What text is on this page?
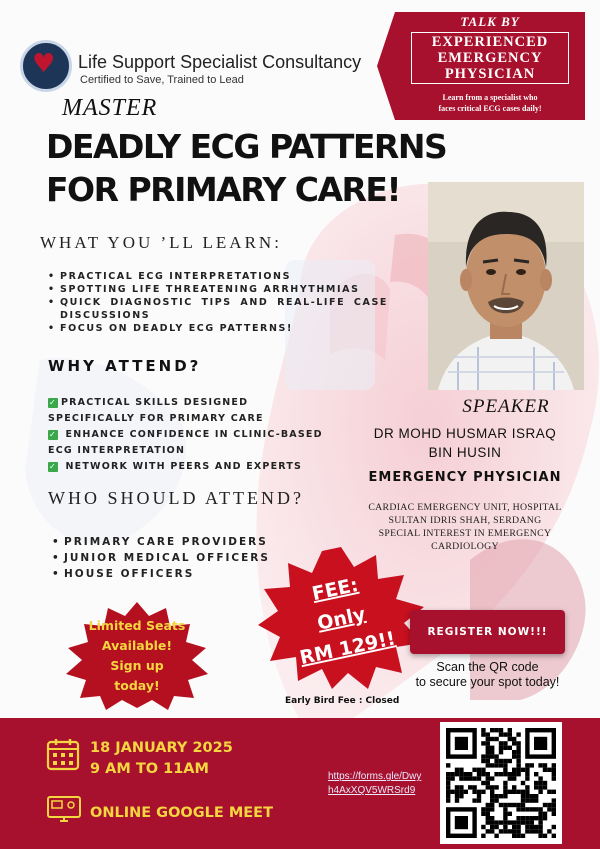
♥ Life Support Specialist Consultancy
Certified to Save, Trained to Lead
TALK BY
EXPERIENCED
EMERGENCY
PHYSICIAN
Learn from a specialist who
faces critical ECG cases daily!
MASTER
DEADLY ECG PATTERNS
FOR PRIMARY CARE!
WHAT YOU ’LL LEARN:
• PRACTICAL ECG INTERPRETATIONS
• SPOTTING LIFE THREATENING ARRHYTHMIAS
• QUICK DIAGNOSTIC TIPS AND REAL-LIFE CASE DISCUSSIONS
• FOCUS ON DEADLY ECG PATTERNS!
WHY ATTEND?
✓ PRACTICAL SKILLS DESIGNED SPECIFICALLY FOR PRIMARY CARE
✓ ENHANCE CONFIDENCE IN CLINIC-BASED ECG INTERPRETATION
✓ NETWORK WITH PEERS AND EXPERTS
WHO SHOULD ATTEND?
• PRIMARY CARE PROVIDERS
• JUNIOR MEDICAL OFFICERS
• HOUSE OFFICERS
SPEAKER
DR MOHD HUSMAR ISRAQ
BIN HUSIN
EMERGENCY PHYSICIAN
CARDIAC EMERGENCY UNIT, HOSPITAL
SULTAN IDRIS SHAH, SERDANG
SPECIAL INTEREST IN EMERGENCY
CARDIOLOGY
Limited Seats
Available!
Sign up
today!
FEE:
Only
RM 129!!
Early Bird Fee : Closed
REGISTER NOW!!!
Scan the QR code
to secure your spot today!
18 JANUARY 2025
9 AM TO 11AM
ONLINE GOOGLE MEET
https://forms.gle/Dwy
h4AxXQV5WRSrd9
